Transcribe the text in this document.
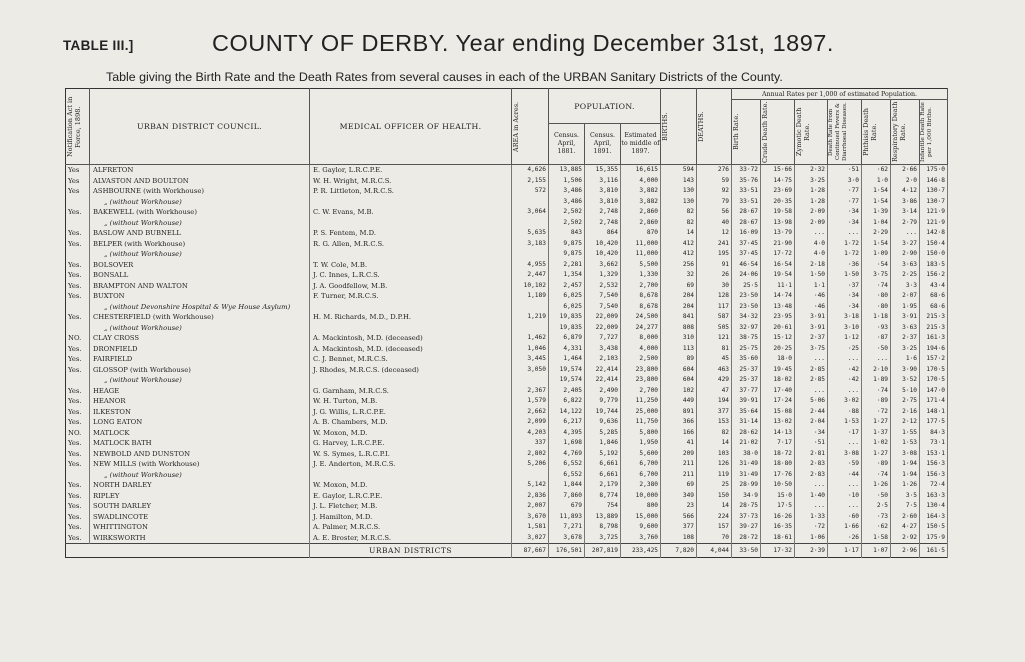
TABLE III.]	COUNTY OF DERBY. Year ending December 31st, 1897.
Table giving the Birth Rate and the Death Rates from several causes in each of the URBAN Sanitary Districts of the County.
Notification Act in Force, 1898.	URBAN DISTRICT COUNCIL.	MEDICAL OFFICER OF HEALTH.	AREA in Acres.	POPULATION.			BIRTHS.	DEATHS.	Annual Rates per 1,000 of estimated Population.						

									Birth Rate.	Crude Death Rate.	Zymotic Death Rate.	Death Rate from Continued Fevers & Diarrhoeal Diseases.	Phthisis Death Rate.	Respiratory Death Rate.	Infantile Death Rate per 1,000 Births.

				Census. April, 1881.	Census. April, 1891.	Estimated to middle of 1897.									
Yes	ALFRETON	E. Gaylor, L.R.C.P.E.	4,626	13,885	15,355	16,615	594	276	33·72	15·66	2·32	·51	·62	2·66	175·0
Yes	ALVASTON AND BOULTON	W. H. Wright, M.R.C.S.	2,155	1,506	3,116	4,000	143	59	35·76	14·75	3·25	3·0	1·0	2·0	146·8
Yes	ASHBOURNE (with Workhouse)	P. R. Littleton, M.R.C.S.	572	3,486	3,810	3,882	130	92	33·51	23·69	1·28	·77	1·54	4·12	130·7
	„ (without Workhouse)			3,486	3,810	3,882	130	79	33·51	20·35	1·28	·77	1·54	3·86	130·7
Yes.	BAKEWELL (with Workhouse)	C. W. Evans, M.B.	3,064	2,502	2,748	2,860	82	56	28·67	19·58	2·09	·34	1·39	3·14	121·9
	„ (without Workhouse)			2,502	2,748	2,860	82	40	28·67	13·98	2·09	·34	1·04	2·79	121·9
Yes.	BASLOW AND BUBNELL	P. S. Fentem, M.D.	5,635	843	864	870	14	12	16·09	13·79	...	...	2·29	...	142·8
Yes.	BELPER (with Workhouse)	R. G. Allen, M.R.C.S.	3,183	9,875	10,420	11,000	412	241	37·45	21·90	4·0	1·72	1·54	3·27	150·4
	„ (without Workhouse)			9,875	10,420	11,000	412	195	37·45	17·72	4·0	1·72	1·09	2·90	150·0
Yes.	BOLSOVER	T. W. Cole, M.B.	4,955	2,281	3,662	5,500	256	91	46·54	16·54	2·18	·36	·54	3·63	183·5
Yes.	BONSALL	J. C. Innes, L.R.C.S.	2,447	1,354	1,329	1,330	32	26	24·06	19·54	1·50	1·50	3·75	2·25	156·2
Yes.	BRAMPTON AND WALTON	J. A. Goodfellow, M.B.	10,102	2,457	2,532	2,700	69	30	25·5	11·1	1·1	·37	·74	3·3	43·4
Yes.	BUXTON	F. Turner, M.R.C.S.	1,189	6,025	7,540	8,678	204	128	23·50	14·74	·46	·34	·80	2·07	68·6
	„ (without Devonshire Hospital & Wye House Asylum)			6,025	7,540	8,678	204	117	23·50	13·48	·46	·34	·80	1·95	68·6
Yes.	CHESTERFIELD (with Workhouse)	H. M. Richards, M.D., D.P.H.	1,219	19,835	22,009	24,500	841	587	34·32	23·95	3·91	3·18	1·18	3·91	215·3
	„ (without Workhouse)			19,835	22,009	24,277	808	505	32·97	20·61	3·91	3·10	·93	3·63	215·3
NO.	CLAY CROSS	A. Mackintosh, M.D. (deceased)	1,462	6,879	7,727	8,000	310	121	38·75	15·12	2·37	1·12	·87	2·37	161·3
Yes.	DRONFIELD	A. Mackintosh, M.D. (deceased)	1,046	4,331	3,438	4,000	113	81	25·75	20·25	3·75	·25	·50	3·25	194·6
Yes.	FAIRFIELD	C. J. Bennet, M.R.C.S.	3,445	1,464	2,103	2,500	89	45	35·60	18·0	...	...	...	1·6	157·2
Yes.	GLOSSOP (with Workhouse)	J. Rhodes, M.R.C.S. (deceased)	3,050	19,574	22,414	23,800	604	463	25·37	19·45	2·85	·42	2·10	3·90	170·5
	„ (without Workhouse)			19,574	22,414	23,800	604	429	25·37	18·02	2·85	·42	1·89	3·52	170·5
Yes.	HEAGE	G. Garnham, M.R.C.S.	2,367	2,405	2,490	2,700	102	47	37·77	17·40	...	...	·74	5·10	147·0
Yes.	HEANOR	W. H. Turton, M.B.	1,579	6,822	9,779	11,250	449	194	39·91	17·24	5·06	3·02	·89	2·75	171·4
Yes.	ILKESTON	J. G. Willis, L.R.C.P.E.	2,662	14,122	19,744	25,000	891	377	35·64	15·08	2·44	·88	·72	2·16	148·1
Yes.	LONG EATON	A. B. Chambers, M.D.	2,099	6,217	9,636	11,750	366	153	31·14	13·02	2·04	1·53	1·27	2·12	177·5
NO.	MATLOCK	W. Moxon, M.D.	4,203	4,395	5,285	5,800	166	82	28·62	14·13	·34	·17	1·37	1·55	84·3
Yes.	MATLOCK BATH	G. Harvey, L.R.C.P.E.	337	1,698	1,846	1,950	41	14	21·02	7·17	·51	...	1·02	1·53	73·1
Yes.	NEWBOLD AND DUNSTON	W. S. Symes, L.R.C.P.I.	2,802	4,769	5,192	5,600	209	103	38·0	18·72	2·81	3·08	1·27	3·08	153·1
Yes.	NEW MILLS (with Workhouse)	J. E. Anderton, M.R.C.S.	5,206	6,552	6,661	6,700	211	126	31·49	18·80	2·83	·59	·89	1·94	156·3
	„ (without Workhouse)			6,552	6,661	6,700	211	119	31·49	17·76	2·83	·44	·74	1·94	156·3
Yes.	NORTH DARLEY	W. Moxon, M.D.	5,142	1,844	2,179	2,380	69	25	28·99	10·50	...	...	1·26	1·26	72·4
Yes.	RIPLEY	E. Gaylor, L.R.C.P.E.	2,836	7,860	8,774	10,000	349	150	34·9	15·0	1·40	·10	·50	3·5	163·3
Yes.	SOUTH DARLEY	J. L. Fletcher, M.B.	2,007	679	754	800	23	14	28·75	17·5	...	...	2·5	7·5	130·4
Yes.	SWADLINCOTE	J. Hamilton, M.D.	3,670	11,893	13,889	15,000	566	224	37·73	16·26	1·33	·60	·73	2·60	164·3
Yes.	WHITTINGTON	A. Palmer, M.R.C.S.	1,581	7,271	8,798	9,600	377	157	39·27	16·35	·72	1·66	·62	4·27	150·5
Yes.	WIRKSWORTH	A. E. Broster, M.R.C.S.	3,027	3,678	3,725	3,760	108	70	28·72	18·61	1·06	·26	1·58	2·92	175·9
		URBAN DISTRICTS	87,667	176,501	207,819	233,425	7,820	4,044	33·50	17·32	2·39	1·17	1·07	2·96	161·5
